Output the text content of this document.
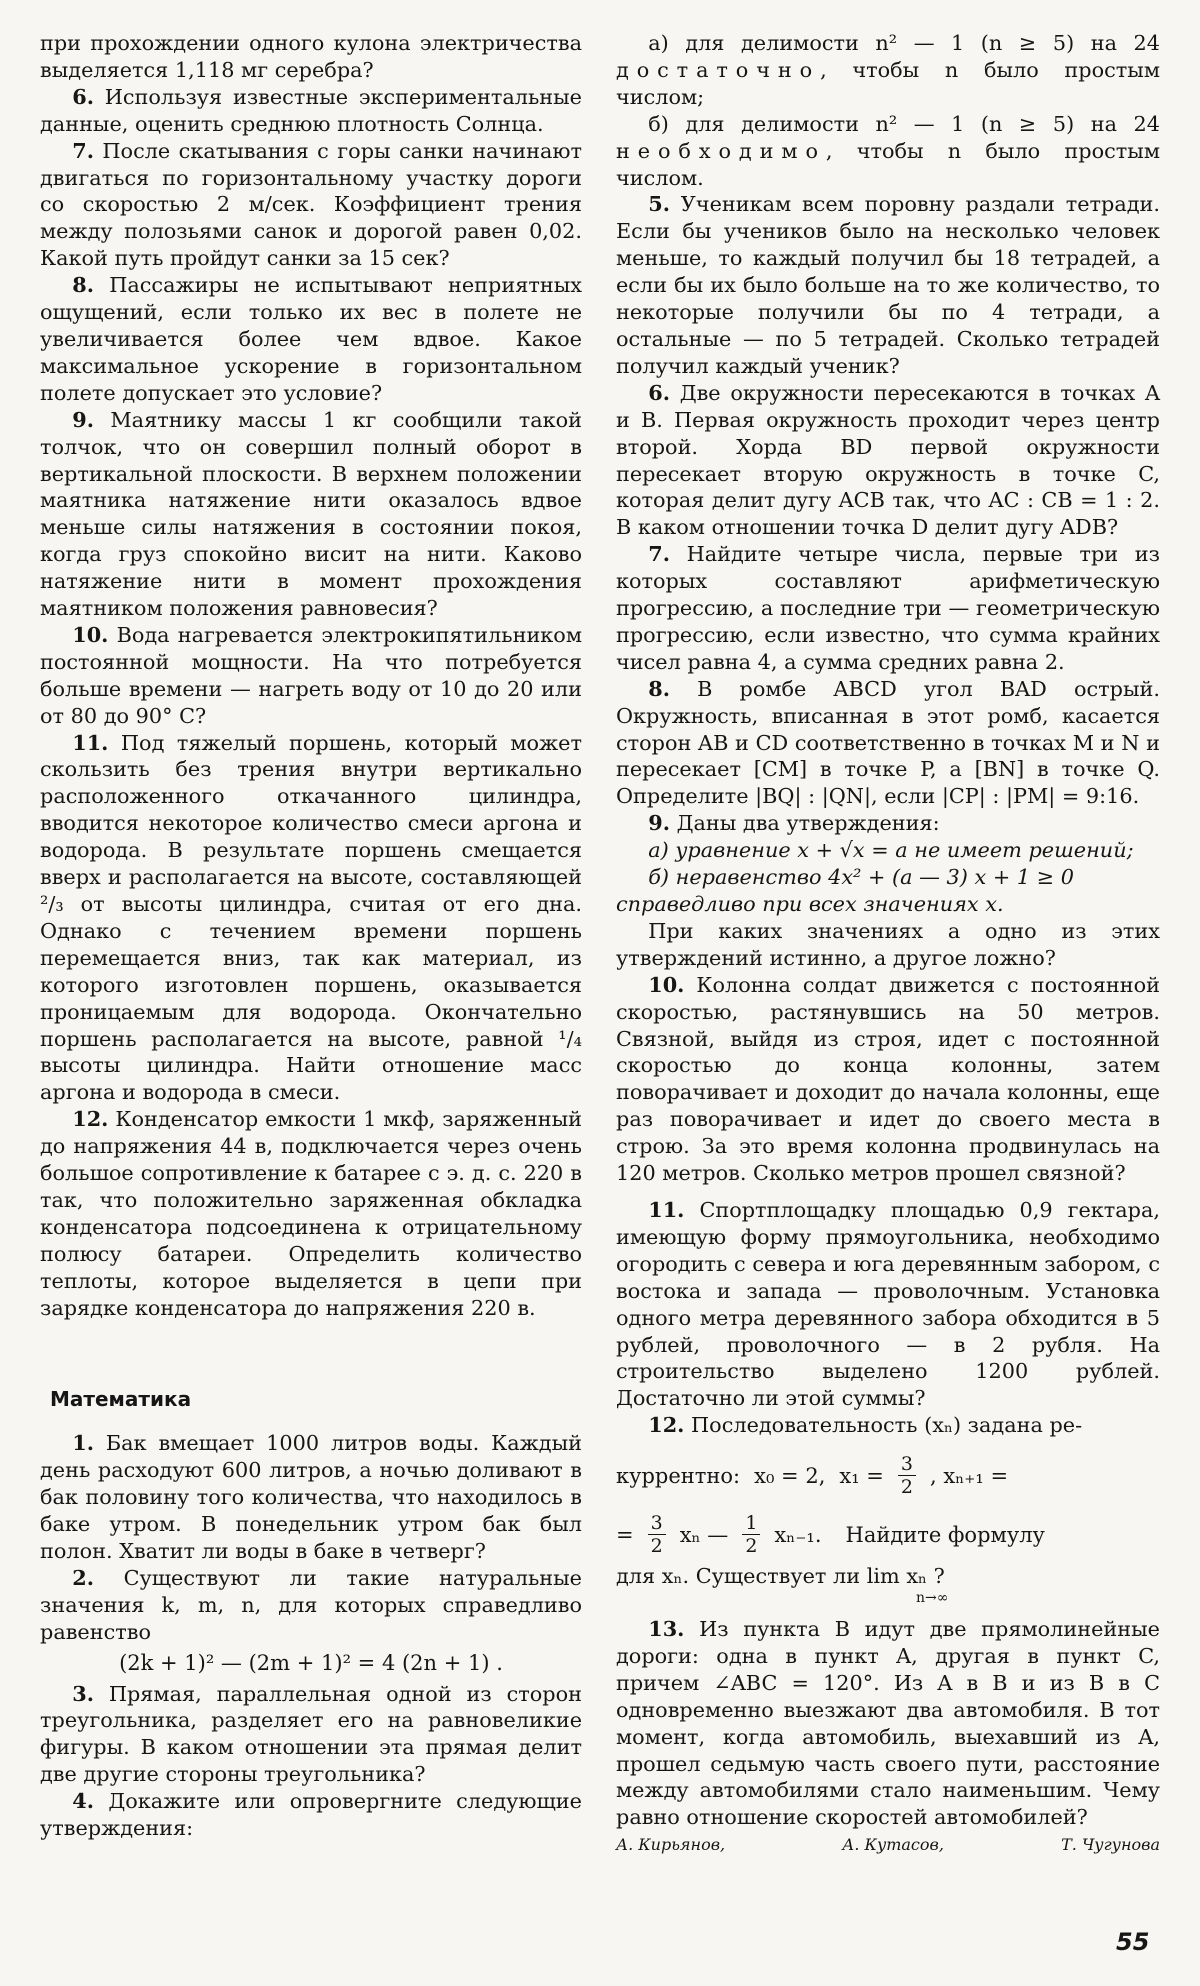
при прохождении одного кулона электричества выделяется 1,118 мг серебра?

6. Используя известные экспериментальные данные, оценить среднюю плотность Солнца.

7. После скатывания с горы санки начинают двигаться по горизонтальному участку дороги со скоростью 2 м/сек. Коэффициент трения между полозьями санок и дорогой равен 0,02. Какой путь пройдут санки за 15 сек?

8. Пассажиры не испытывают неприятных ощущений, если только их вес в полете не увеличивается более чем вдвое. Какое максимальное ускорение в горизонтальном полете допускает это условие?

9. Маятнику массы 1 кг сообщили такой толчок, что он совершил полный оборот в вертикальной плоскости. В верхнем положении маятника натяжение нити оказалось вдвое меньше силы натяжения в состоянии покоя, когда груз спокойно висит на нити. Каково натяжение нити в момент прохождения маятником положения равновесия?

10. Вода нагревается электрокипятильником постоянной мощности. На что потребуется больше времени — нагреть воду от 10 до 20 или от 80 до 90° С?

11. Под тяжелый поршень, который может скользить без трения внутри вертикально расположенного откачанного цилиндра, вводится некоторое количество смеси аргона и водорода. В результате поршень смещается вверх и располагается на высоте, составляющей ²/₃ от высоты цилиндра, считая от его дна. Однако с течением времени поршень перемещается вниз, так как материал, из которого изготовлен поршень, оказывается проницаемым для водорода. Окончательно поршень располагается на высоте, равной ¹/₄ высоты цилиндра. Найти отношение масс аргона и водорода в смеси.

12. Конденсатор емкости 1 мкф, заряженный до напряжения 44 в, подключается через очень большое сопротивление к батарее с э. д. с. 220 в так, что положительно заряженная обкладка конденсатора подсоединена к отрицательному полюсу батареи. Определить количество теплоты, которое выделяется в цепи при зарядке конденсатора до напряжения 220 в.

Математика

1. Бак вмещает 1000 литров воды. Каждый день расходуют 600 литров, а ночью доливают в бак половину того количества, что находилось в баке утром. В понедельник утром бак был полон. Хватит ли воды в баке в четверг?

2. Существуют ли такие натуральные значения k, m, n, для которых справедливо равенство

(2k + 1)² — (2m + 1)² = 4 (2n + 1) .

3. Прямая, параллельная одной из сторон треугольника, разделяет его на равновеликие фигуры. В каком отношении эта прямая делит две другие стороны треугольника?

4. Докажите или опровергните следующие утверждения:

а) для делимости n² — 1 (n ≥ 5) на 24 достаточно, чтобы n было простым числом;

б) для делимости n² — 1 (n ≥ 5) на 24 необходимо, чтобы n было простым числом.

5. Ученикам всем поровну раздали тетради. Если бы учеников было на несколько человек меньше, то каждый получил бы 18 тетрадей, а если бы их было больше на то же количество, то некоторые получили бы по 4 тетради, а остальные — по 5 тетрадей. Сколько тетрадей получил каждый ученик?

6. Две окружности пересекаются в точках A и B. Первая окружность проходит через центр второй. Хорда BD первой окружности пересекает вторую окружность в точке C, которая делит дугу ACB так, что AC : CB = 1 : 2. В каком отношении точка D делит дугу ADB?

7. Найдите четыре числа, первые три из которых составляют арифметическую прогрессию, а последние три — геометрическую прогрессию, если известно, что сумма крайних чисел равна 4, а сумма средних равна 2.

8. В ромбе ABCD угол BAD острый. Окружность, вписанная в этот ромб, касается сторон AB и CD соответственно в точках M и N и пересекает [CM] в точке P, а [BN] в точке Q. Определите |BQ| : |QN|, если |CP| : |PM| = 9:16.

9. Даны два утверждения:

а) уравнение x + √x = a не имеет решений;

б) неравенство 4x² + (a — 3) x + 1 ≥ 0

справедливо при всех значениях x.

При каких значениях a одно из этих утверждений истинно, а другое ложно?

10. Колонна солдат движется с постоянной скоростью, растянувшись на 50 метров. Связной, выйдя из строя, идет с постоянной скоростью до конца колонны, затем поворачивает и доходит до начала колонны, еще раз поворачивает и идет до своего места в строю. За это время колонна продвинулась на 120 метров. Сколько метров прошел связной?

11. Спортплощадку площадью 0,9 гектара, имеющую форму прямоугольника, необходимо огородить с севера и юга деревянным забором, с востока и запада — проволочным. Установка одного метра деревянного забора обходится в 5 рублей, проволочного — в 2 рубля. На строительство выделено 1200 рублей. Достаточно ли этой суммы?

12. Последовательность (xₙ) задана ре-

куррентно: x₀ = 2, $x_1 = \frac{3}{2}$ , xₙ₊₁ =
= $\frac{3}{2}$ xₙ — $\frac{1}{2} x_{n-1}$. Найдите формулу

для xₙ. Существует ли lim xₙ ?

n→∞

13. Из пункта B идут две прямолинейные дороги: одна в пункт A, другая в пункт C, причем ∠ABC = 120°. Из A в B и из B в C одновременно выезжают два автомобиля. В тот момент, когда автомобиль, выехавший из A, прошел седьмую часть своего пути, расстояние между автомобилями стало наименьшим. Чему равно отношение скоростей автомобилей?

А. Кирьянов,	А. Кутасов,	Т. Чугунова
55
